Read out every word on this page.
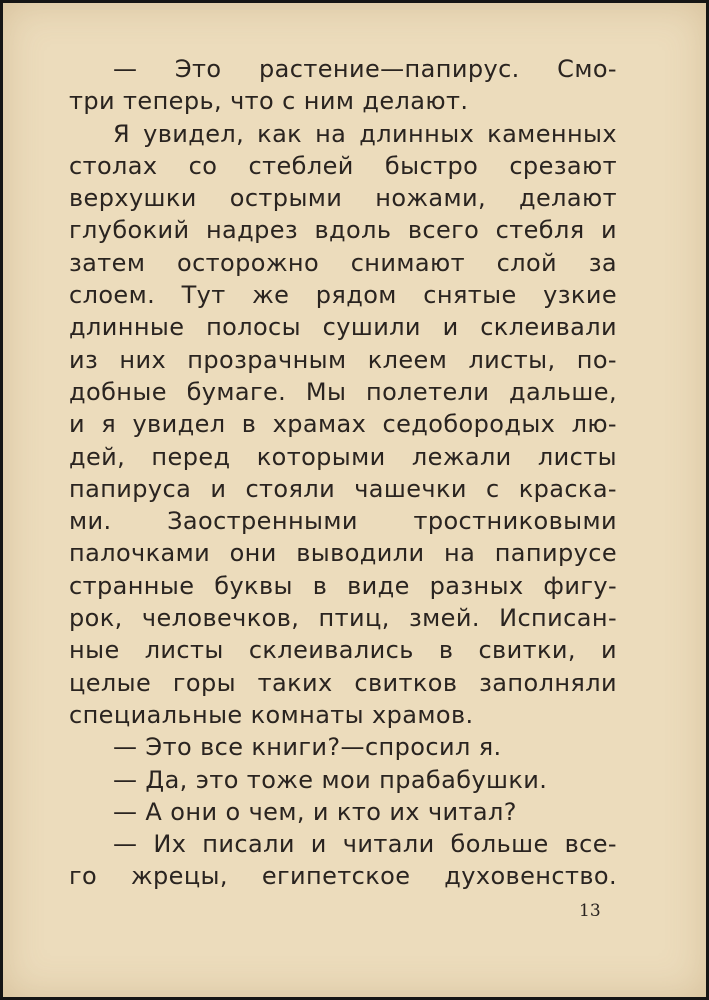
— Это растение—папирус. Смо-
три теперь, что с ним делают.
Я увидел, как на длинных каменных
столах со стеблей быстро срезают
верхушки острыми ножами, делают
глубокий надрез вдоль всего стебля и
затем осторожно снимают слой за
слоем. Тут же рядом снятые узкие
длинные полосы сушили и склеивали
из них прозрачным клеем листы, по-
добные бумаге. Мы полетели дальше,
и я увидел в храмах седобородых лю-
дей, перед которыми лежали листы
папируса и стояли чашечки с краска-
ми. Заостренными тростниковыми
палочками они выводили на папирусе
странные буквы в виде разных фигу-
рок, человечков, птиц, змей. Исписан-
ные листы склеивались в свитки, и
целые горы таких свитков заполняли
специальные комнаты храмов.
— Это все книги?—спросил я.
— Да, это тоже мои прабабушки.
— А они о чем, и кто их читал?
— Их писали и читали больше все-
го жрецы, египетское духовенство.
13
